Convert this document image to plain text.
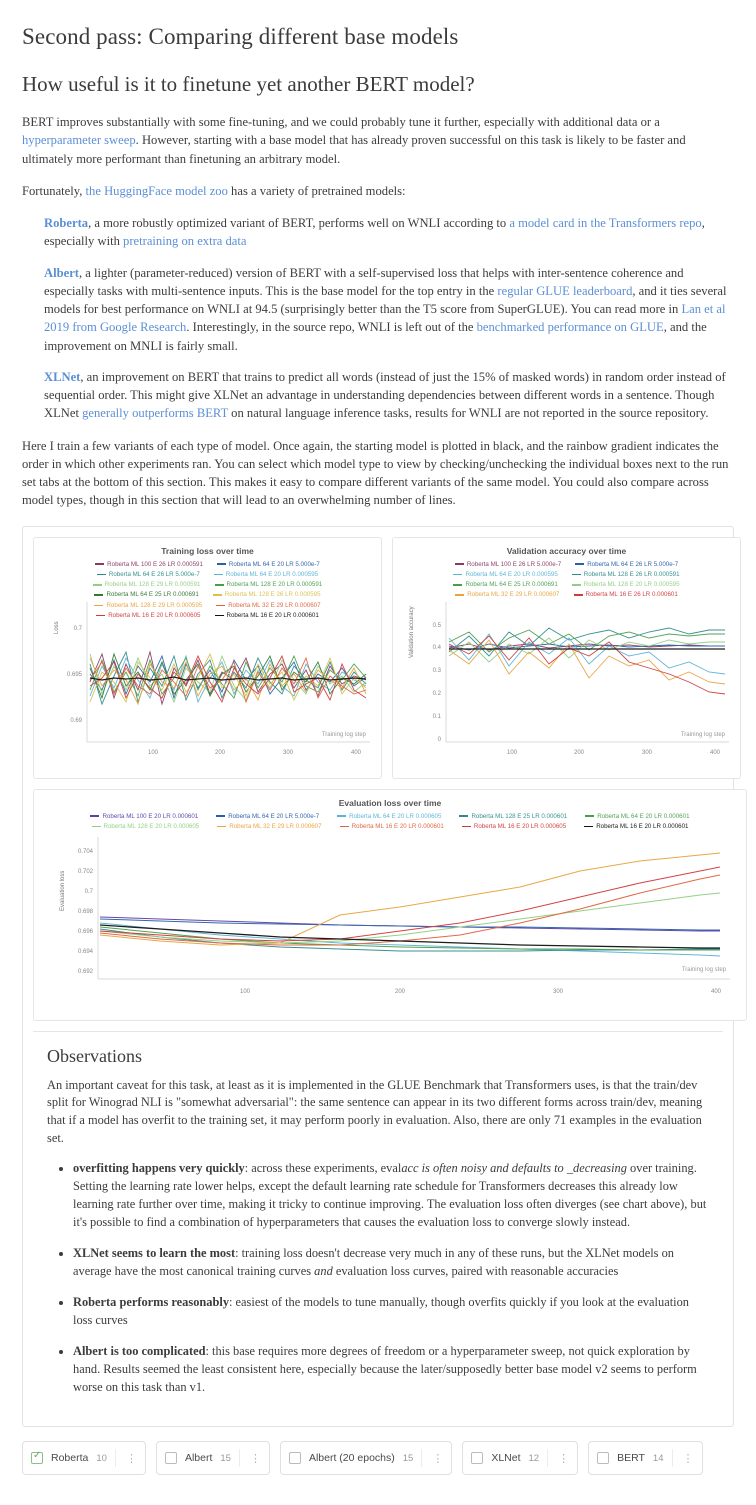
Second pass: Comparing different base models
How useful is it to finetune yet another BERT model?

BERT improves substantially with some fine-tuning, and we could probably tune it further, especially with additional data or a hyperparameter sweep. However, starting with a base model that has already proven successful on this task is likely to be faster and ultimately more performant than finetuning an arbitrary model.

Fortunately, the HuggingFace model zoo has a variety of pretrained models:

Roberta, a more robustly optimized variant of BERT, performs well on WNLI according to a model card in the Transformers repo, especially with pretraining on extra data
Albert, a lighter (parameter-reduced) version of BERT with a self-supervised loss that helps with inter-sentence coherence and especially tasks with multi-sentence inputs. This is the base model for the top entry in the regular GLUE leaderboard, and it ties several models for best performance on WNLI at 94.5 (surprisingly better than the T5 score from SuperGLUE). You can read more in Lan et al 2019 from Google Research. Interestingly, in the source repo, WNLI is left out of the benchmarked performance on GLUE, and the improvement on MNLI is fairly small.
XLNet, an improvement on BERT that trains to predict all words (instead of just the 15% of masked words) in random order instead of sequential order. This might give XLNet an advantage in understanding dependencies between different words in a sentence. Though XLNet generally outperforms BERT on natural language inference tasks, results for WNLI are not reported in the source repository.

Here I train a few variants of each type of model. Once again, the starting model is plotted in black, and the rainbow gradient indicates the order in which other experiments ran. You can select which model type to view by checking/unchecking the individual boxes next to the run set tabs at the bottom of this section. This makes it easy to compare different variants of the same model. You could also compare across model types, though in this section that will lead to an overwhelming number of lines.

Training loss over time
Roberta ML 100 E 26 LR 0.000591	Roberta ML 64 E 20 LR 5.000e-7
Roberta ML 64 E 26 LR 5.000e-7	Roberta ML 64 E 20 LR 0.000595
Roberta ML 128 E 29 LR 0.000591	Roberta ML 128 E 20 LR 0.000591
Roberta ML 64 E 25 LR 0.000691	Roberta ML 128 E 26 LR 0.000595
Roberta ML 128 E 29 LR 0.000595	Roberta ML 32 E 29 LR 0.000607
Roberta ML 16 E 20 LR 0.000605	Roberta ML 16 E 20 LR 0.000601
0.7
0.695
0.69
100	200	300	400
Loss
Training log step
Validation accuracy over time
Roberta ML 100 E 26 LR 5.000e-7	Roberta ML 64 E 26 LR 5.000e-7
Roberta ML 64 E 20 LR 0.000595	Roberta ML 128 E 26 LR 0.000591
Roberta ML 64 E 25 LR 0.000691	Roberta ML 128 E 20 LR 0.000595
Roberta ML 32 E 29 LR 0.000607	Roberta ML 16 E 26 LR 0.000601
0.5
0.4
0.3
0.2
0.1
0
100	200	300	400
Validation accuracy
Training log step
Evaluation loss over time
Roberta ML 100 E 20 LR 0.000601	Roberta ML 64 E 20 LR 5.000e-7	Roberta ML 64 E 20 LR 0.000605	Roberta ML 128 E 25 LR 0.000601	Roberta ML 64 E 20 LR 0.000601
Roberta ML 128 E 20 LR 0.000605	Roberta ML 32 E 29 LR 0.000607	Roberta ML 16 E 20 LR 0.000601	Roberta ML 16 E 20 LR 0.000605	Roberta ML 16 E 20 LR 0.000601
0.704
0.702
0.7
0.698
0.696
0.694
0.692
100	200	300	400
Evaluation loss
Training log step
Observations

An important caveat for this task, at least as it is implemented in the GLUE Benchmark that Transformers uses, is that the train/dev split for Winograd NLI is "somewhat adversarial": the same sentence can appear in its two different forms across train/dev, meaning that if a model has overfit to the training set, it may perform poorly in evaluation. Also, there are only 71 examples in the evaluation set.

• overfitting happens very quickly: across these experiments, evalacc is often noisy and defaults to _decreasing over training. Setting the learning rate lower helps, except the default learning rate schedule for Transformers decreases this already low learning rate further over time, making it tricky to continue improving. The evaluation loss often diverges (see chart above), but it's possible to find a combination of hyperparameters that causes the evaluation loss to converge slowly instead.
• XLNet seems to learn the most: training loss doesn't decrease very much in any of these runs, but the XLNet models on average have the most canonical training curves and evaluation loss curves, paired with reasonable accuracies
• Roberta performs reasonably: easiest of the models to tune manually, though overfits quickly if you look at the evaluation loss curves
• Albert is too complicated: this base requires more degrees of freedom or a hyperparameter sweep, not quick exploration by hand. Results seemed the least consistent here, especially because the later/supposedly better base model v2 seems to perform worse on this task than v1.
✓
Roberta 10 ⋮	Albert 15 ⋮	Albert (20 epochs) 15 ⋮	XLNet 12 ⋮	BERT 14 ⋮
